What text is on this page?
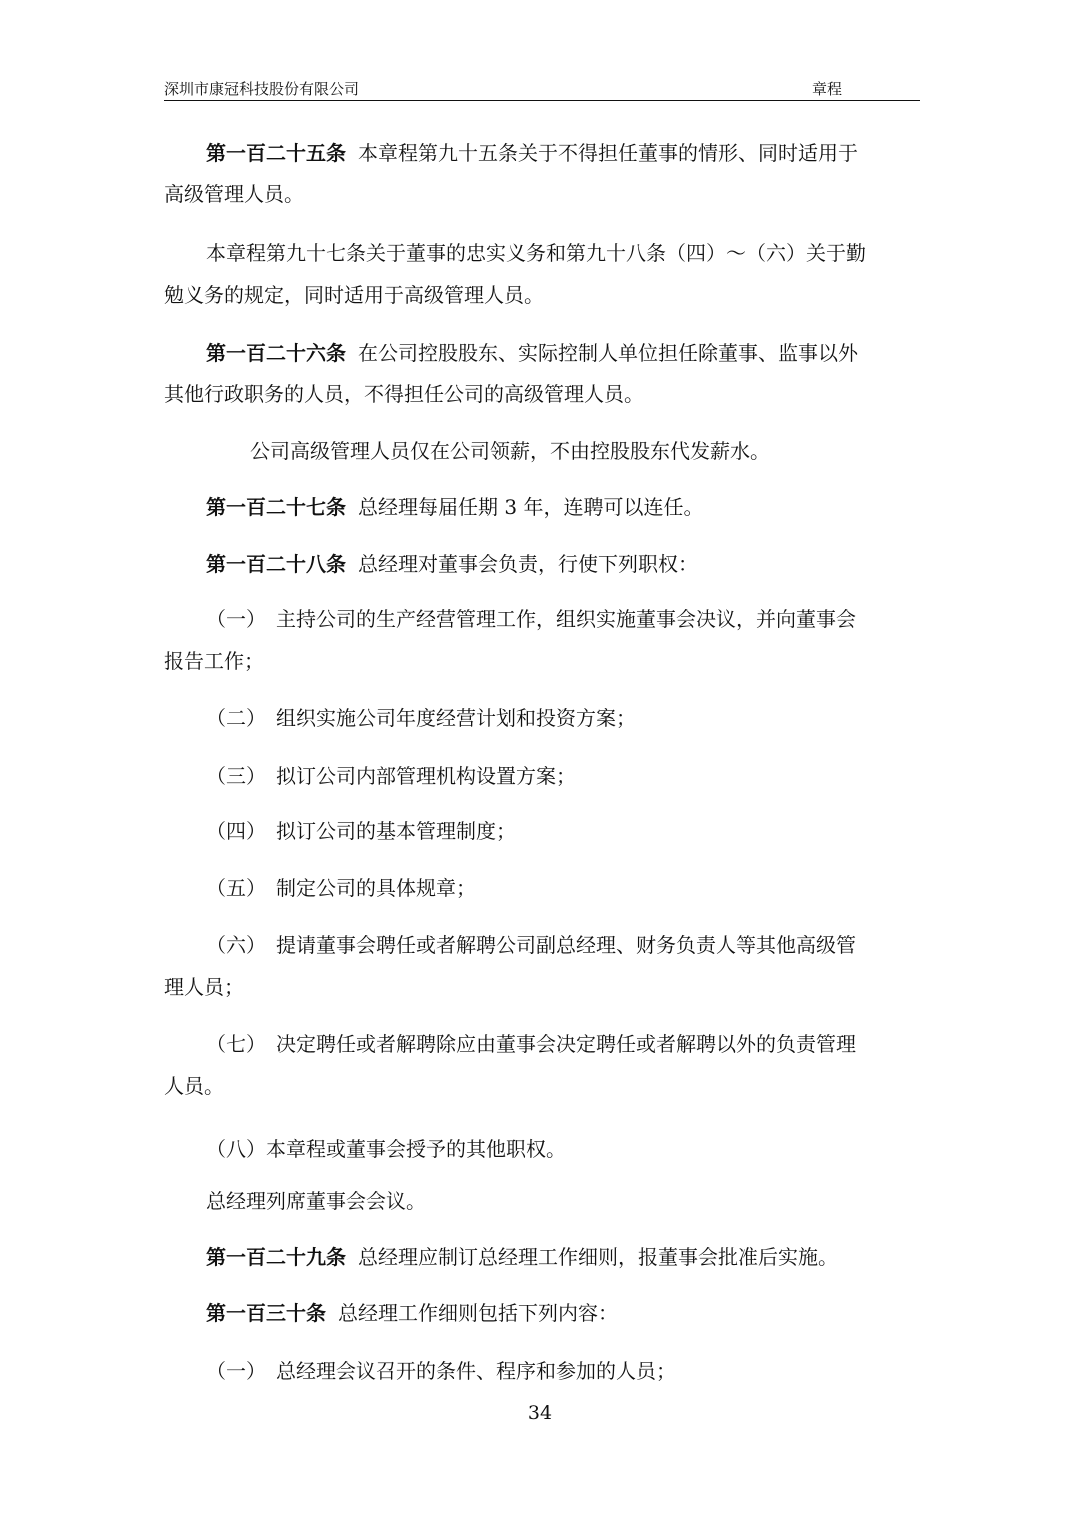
深圳市康冠科技股份有限公司	章程
第一百二十五条 本章程第九十五条关于不得担任董事的情形、同时适用于
高级管理人员。
本章程第九十七条关于董事的忠实义务和第九十八条（四）～（六）关于勤
勉义务的规定，同时适用于高级管理人员。
第一百二十六条 在公司控股股东、实际控制人单位担任除董事、监事以外
其他行政职务的人员，不得担任公司的高级管理人员。
公司高级管理人员仅在公司领薪，不由控股股东代发薪水。
第一百二十七条 总经理每届任期 3 年，连聘可以连任。
第一百二十八条 总经理对董事会负责，行使下列职权：
（一） 主持公司的生产经营管理工作，组织实施董事会决议，并向董事会
报告工作；
（二） 组织实施公司年度经营计划和投资方案；
（三） 拟订公司内部管理机构设置方案；
（四） 拟订公司的基本管理制度；
（五） 制定公司的具体规章；
（六） 提请董事会聘任或者解聘公司副总经理、财务负责人等其他高级管
理人员；
（七） 决定聘任或者解聘除应由董事会决定聘任或者解聘以外的负责管理
人员。
（八）本章程或董事会授予的其他职权。
总经理列席董事会会议。
第一百二十九条 总经理应制订总经理工作细则，报董事会批准后实施。
第一百三十条 总经理工作细则包括下列内容：
（一） 总经理会议召开的条件、程序和参加的人员；
34
